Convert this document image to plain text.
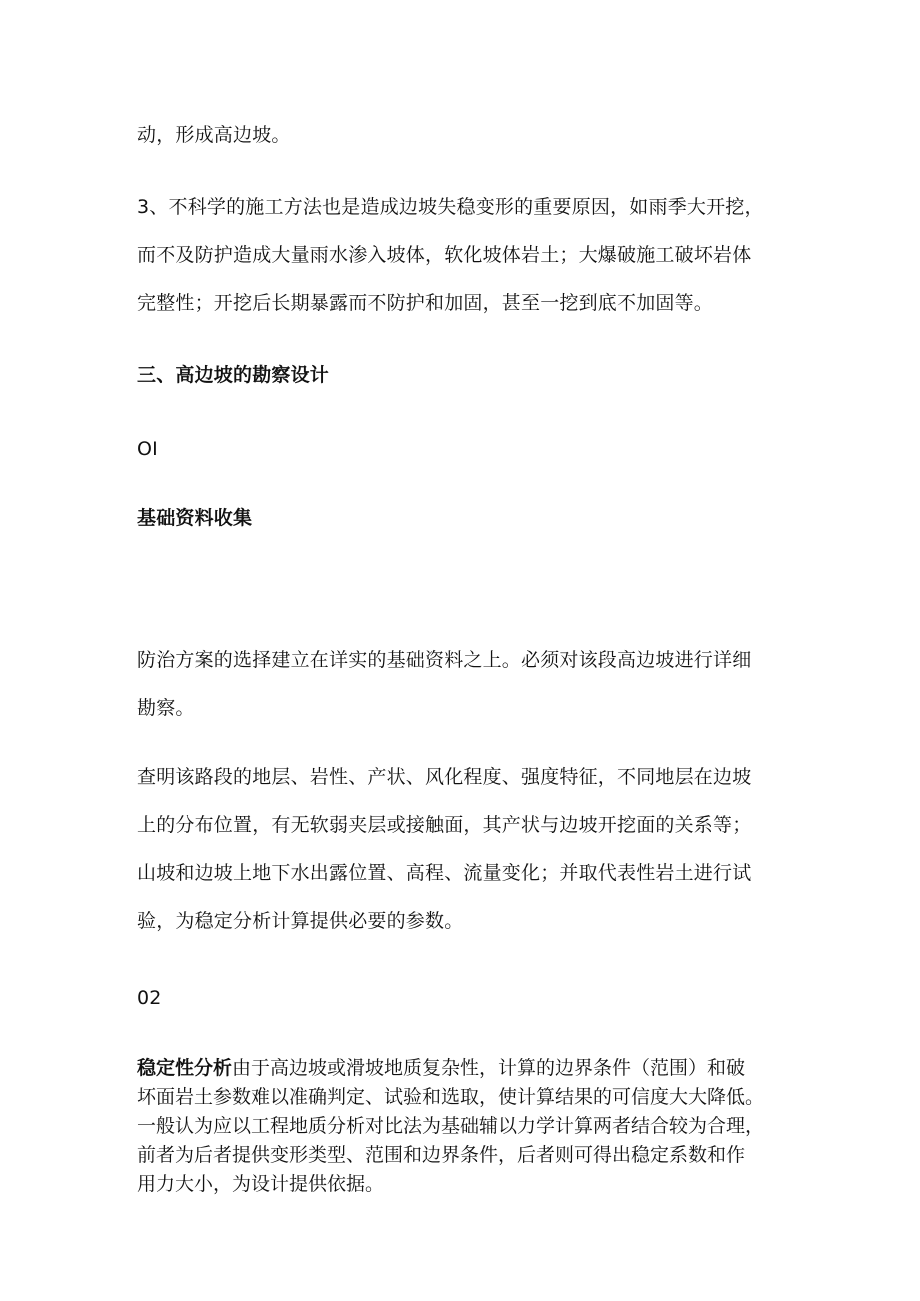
动，形成高边坡。
3、不科学的施工方法也是造成边坡失稳变形的重要原因，如雨季大开挖，
而不及防护造成大量雨水渗入坡体，软化坡体岩土；大爆破施工破坏岩体
完整性；开挖后长期暴露而不防护和加固，甚至一挖到底不加固等。
三、高边坡的勘察设计
OI
基础资料收集
防治方案的选择建立在详实的基础资料之上。必须对该段高边坡进行详细
勘察。
查明该路段的地层、岩性、产状、风化程度、强度特征，不同地层在边坡
上的分布位置，有无软弱夹层或接触面，其产状与边坡开挖面的关系等；
山坡和边坡上地下水出露位置、高程、流量变化；并取代表性岩土进行试
验，为稳定分析计算提供必要的参数。
02
稳定性分析由于高边坡或滑坡地质复杂性，计算的边界条件（范围）和破
坏面岩土参数难以准确判定、试验和选取，使计算结果的可信度大大降低。
一般认为应以工程地质分析对比法为基础辅以力学计算两者结合较为合理，
前者为后者提供变形类型、范围和边界条件，后者则可得出稳定系数和作
用力大小，为设计提供依据。
